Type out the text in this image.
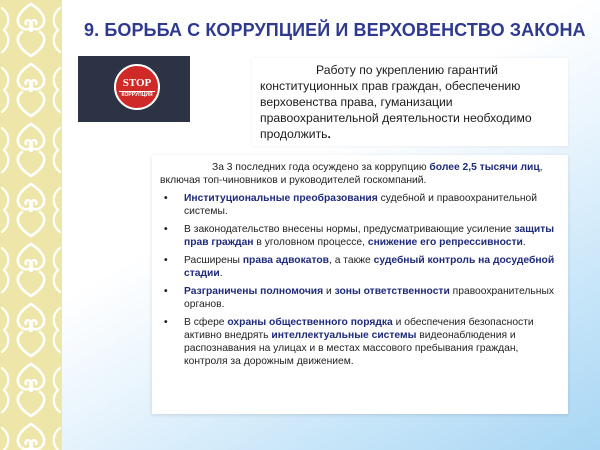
9. БОРЬБА С КОРРУПЦИЕЙ И ВЕРХОВЕНСТВО ЗАКОНА
STOP
КОРРУПЦИЯ
Работу по укреплению гарантий конституционных прав граждан, обеспечению верховенства права, гуманизации правоохранительной деятельности необходимо продолжить.

За 3 последних года осуждено за коррупцию более 2,5 тысячи лиц, включая топ-чиновников и руководителей госкомпаний.

• Институциональные преобразования судебной и правоохранительной системы.
• В законодательство внесены нормы, предусматривающие усиление защиты прав граждан в уголовном процессе, снижение его репрессивности.
• Расширены права адвокатов, а также судебный контроль на досудебной стадии.
• Разграничены полномочия и зоны ответственности правоохранительных органов.
• В сфере охраны общественного порядка и обеспечения безопасности активно внедрять интеллектуальные системы видеонаблюдения и распознавания на улицах и в местах массового пребывания граждан, контроля за дорожным движением.
